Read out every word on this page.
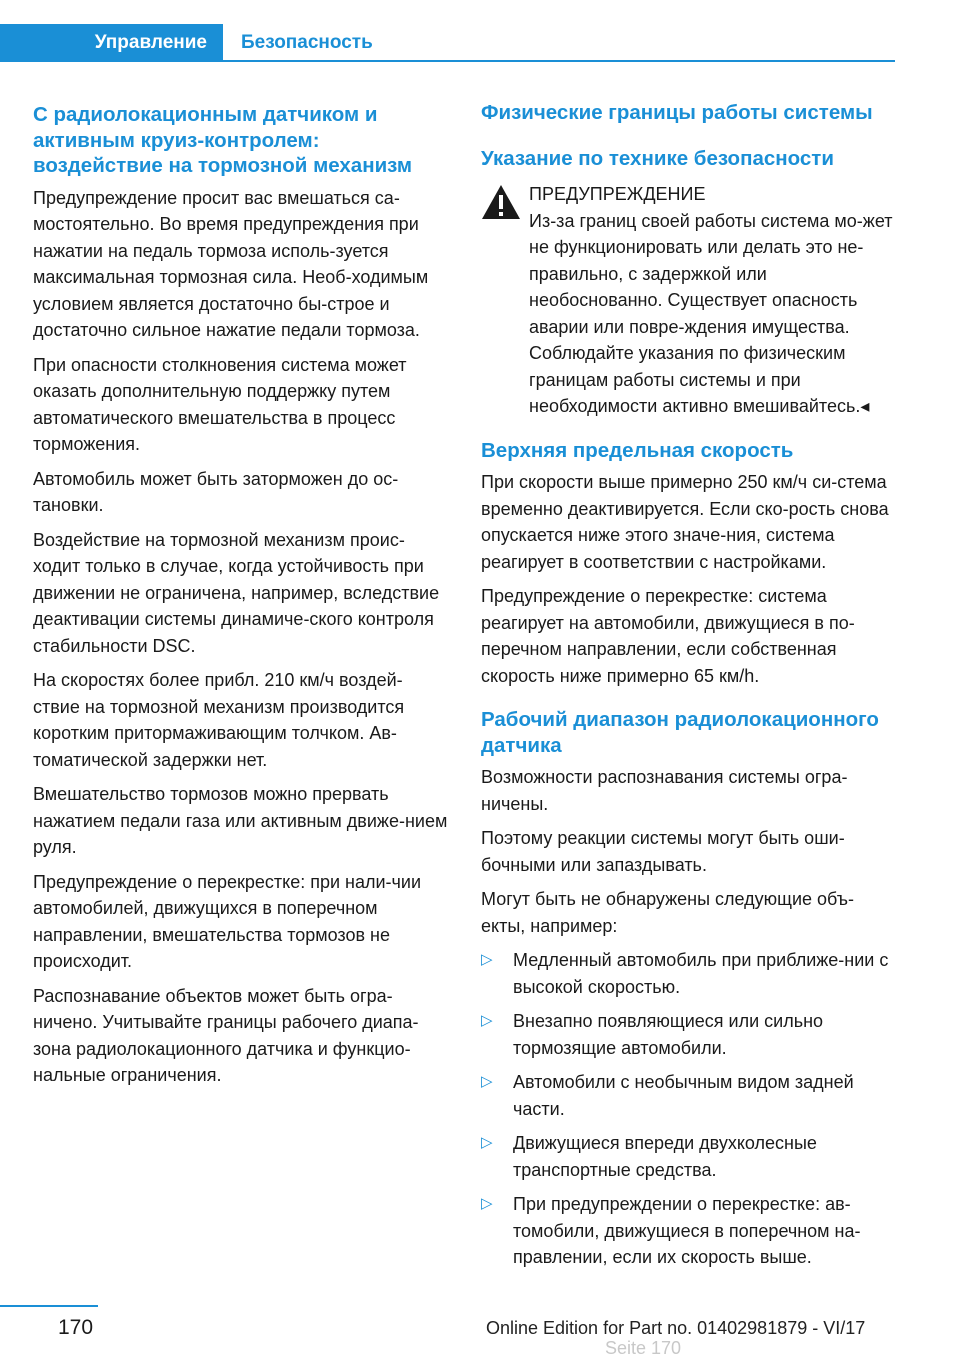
Управление	Безопасность
С радиолокационным датчиком и активным круиз-контролем: воздействие на тормозной механизм

Предупреждение просит вас вмешаться са-мостоятельно. Во время предупреждения при нажатии на педаль тормоза исполь-зуется максимальная тормозная сила. Необ-ходимым условием является достаточно бы-строе и достаточно сильное нажатие педали тормоза.

При опасности столкновения система может оказать дополнительную поддержку путем автоматического вмешательства в процесс торможения.

Автомобиль может быть заторможен до ос-тановки.

Воздействие на тормозной механизм проис-ходит только в случае, когда устойчивость при движении не ограничена, например, вследствие деактивации системы динамиче-ского контроля стабильности DSC.

На скоростях более прибл. 210 км/ч воздей-ствие на тормозной механизм производится коротким притормаживающим толчком. Ав-томатической задержки нет.

Вмешательство тормозов можно прервать нажатием педали газа или активным движе-нием руля.

Предупреждение о перекрестке: при нали-чии автомобилей, движущихся в поперечном направлении, вмешательства тормозов не происходит.

Распознавание объектов может быть огра-ничено. Учитывайте границы рабочего диапа-зона радиолокационного датчика и функцио-нальные ограничения.

Физические границы работы системы
Указание по технике безопасности
ПРЕДУПРЕЖДЕНИЕ
Из-за границ своей работы система мо-жет не функционировать или делать это не-правильно, с задержкой или необоснованно. Существует опасность аварии или повре-ждения имущества. Соблюдайте указания по физическим границам работы системы и при необходимости активно вмешивайтесь.◂
Верхняя предельная скорость

При скорости выше примерно 250 км/ч си-стема временно деактивируется. Если ско-рость снова опускается ниже этого значе-ния, система реагирует в соответствии с настройками.

Предупреждение о перекрестке: система реагирует на автомобили, движущиеся в по-перечном направлении, если собственная скорость ниже примерно 65 км/h.

Рабочий диапазон радиолокационного датчика

Возможности распознавания системы огра-ничены.

Поэтому реакции системы могут быть оши-бочными или запаздывать.

Могут быть не обнаружены следующие объ-екты, например:

▷ Медленный автомобиль при приближе-нии с высокой скоростью.
▷ Внезапно появляющиеся или сильно тормозящие автомобили.
▷ Автомобили с необычным видом задней части.
▷ Движущиеся впереди двухколесные транспортные средства.
▷ При предупреждении о перекрестке: ав-томобили, движущиеся в поперечном на-правлении, если их скорость выше.
170	Online Edition for Part no. 01402981879 - VI/17
Seite 170
